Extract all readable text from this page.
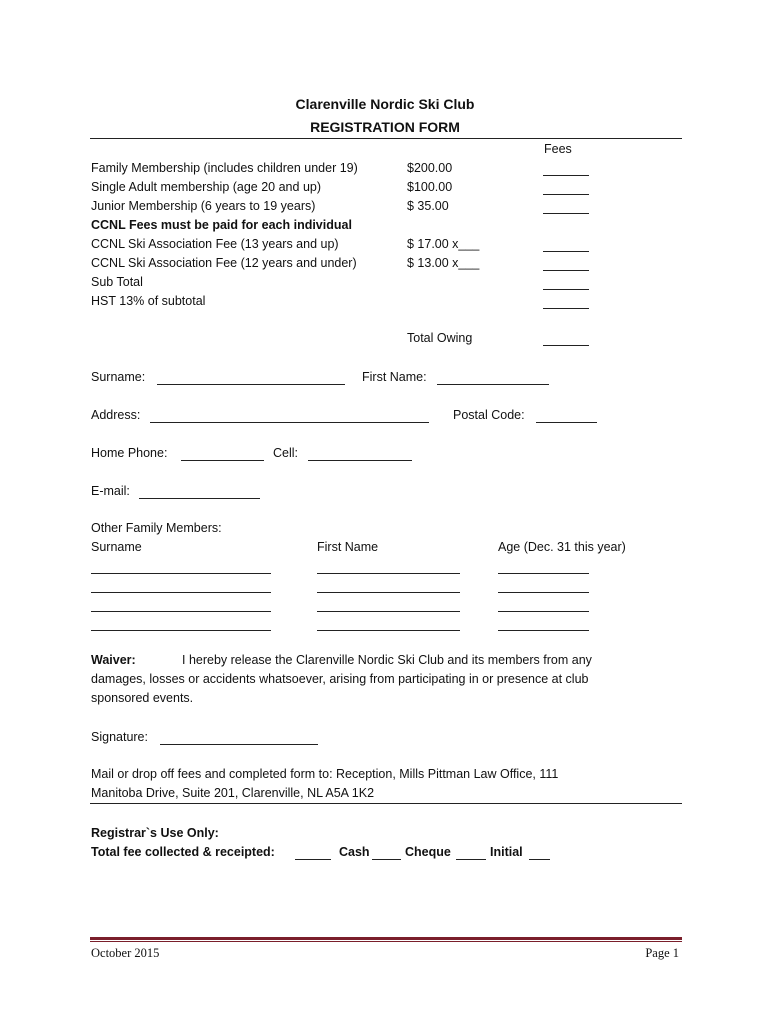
Clarenville Nordic Ski Club
REGISTRATION FORM
Fees
Family Membership (includes children under 19)	$200.00
Single Adult membership (age 20 and up)	$100.00
Junior Membership (6 years to 19 years)	$ 35.00
CCNL Fees must be paid for each individual
CCNL Ski Association Fee (13 years and up)	$ 17.00 x___
CCNL Ski Association Fee (12 years and under)	$ 13.00 x___
Sub Total
HST 13% of subtotal
Total Owing
Surname:	First Name:
Address:	Postal Code:
Home Phone:	Cell:
E-mail:
Other Family Members:
Surname	First Name	Age (Dec. 31 this year)
Waiver:	I hereby release the Clarenville Nordic Ski Club and its members from any
damages, losses or accidents whatsoever, arising from participating in or presence at club
sponsored events.
Signature:
Mail or drop off fees and completed form to: Reception, Mills Pittman Law Office, 111
Manitoba Drive, Suite 201, Clarenville, NL A5A 1K2
Registrar`s Use Only:
Total fee collected & receipted:	Cash	Cheque	Initial
October 2015	Page 1
